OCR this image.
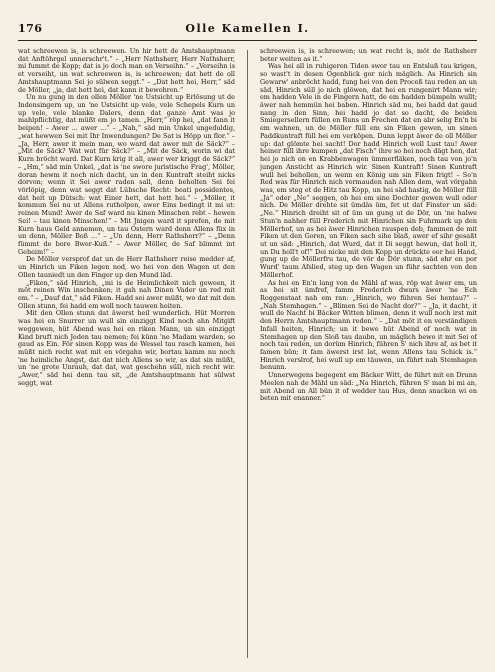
176	Olle Kamellen I.

wat schreewen is, is schreewen. Un hir hett de Amtshauptmann dat Anftöhrgel unnerschr't.“ – „Herr Nathsherr, Herr Nathsherr, mi fummt de Kopp; dat is jo doch man en Verseihn.“ – „Verseihn is et verseiht, un wat schreewen is, is schreewen; dat hett de oll Amtshauptmann Sei jo sülwen seggt.“ – „Dat hett hei, Herr,“ säd de Möller, „ja, dat hett hei, dat kann it bewohren.“

Un nu gung in den ollen Möller 'ne Ustsicht up Erlösung ut de Indensingern up, un 'ne Ustsicht up vele, vele Schepels Kurn un up vele, vele blanke Dalers, denn dat ganze Amt was jo mahlpflichtig, dat müßt em jo tamen. „Herr,“ röp hei, „dat fann it beipen! – Awer ... awer ...“ – „Nah,“ säd min Unkel ungeduldig, „wat hewwen Sei mit Ihr Inwendungen? De Sat is Höpp un flor.“ – „Ja, Herr, awer it mein man, wo ward dat awer mit de Säck?“ – „Mit de Säck? Wat wat für Säck?“ – „Mit de Säck, worin wi dat Kurn bröcht ward. Dat Kurn krig it all, awer wer kriggt de Säck?“ – „Hm,“ säd min Unkel, „dat is 'ne swore juristische Frag', Möller, doran hewm it noch nich dacht, un in den Kuntraft steiht nicks dorvon; wenn it Sei awer raden sall, denn beholten Sei fei vörlöpig, denn wat seggt dat Lübsche Recht: beati possidentes, dat heit up Dütsch: wat Einer hett, dat hett hei.“ – „Möller, it kommun Sei nu ut Allens rutholpen, awer Eins bedingt it mi ut: reinen Mund! Awer de Saf ward nu kinen Minschen rebt – hewen Sei! – tau kinen Minschen!“ – Mit Jnigen ward it sprefen, de mit Kurn haus Geld annemen, un tau Ostern ward denn Allens füx in un denn, Möller Boß ...“ – „Un denn, Herr Rathsherr?“ – „Denn fümmt de bore Bwer-Kuß.“ – Awer Möller, de Saf blimmt int Geheim!“ –

De Möller versprof dat un de Herr Rathsherr reise medder af, un Hinrich un Fiken legen nod, wo hei von den Wagen ut den Ollen tauniedt un den Finger up den Mund läd.

„Fiken,“ säd Hinrich, „mi is de Heimlichkeit nich geween, it möt reinen Win inschenken; it gah nah Dinen Vader un red mit em.“ – „Dauf dat,“ säd Fiken. Hadd sei awer müßt, wo dat mit den Ollen stunn, fei hadd em woll noch tauwen heiten.

Mit den Ollen stunn dat äwerst heil wunderlich. Hüt Morren was hei en Snurrer un wull sin einziggt Kind noch ahn Mitgift weggewen, hüt Abend was hei en riken Mann, un sin einziggt Kind bruft nich Jeden tau nemen; fei künn 'ne Madam warden, so gaud as Ein. För sinen Kopp was de Wessel tau rasch kamen, hei müßt nich recht wat mit en vörgahn wir, bortau kamm nu noch 'ne heimliche Angst, dat dat nich Allens so wir, as dat sin müßt, un 'ne grote Unrauh, dat dat, wat geschehn süll, nich recht wir. „Awer,“ säd hei denn tau sit, „de Amtshauptmann hat sülwst seggt, wat

schreewen is, is schreewen; un wat recht is, möt de Rathsherr beter weiten as it.“

Was hei all in ruhigeren Tiden swor tau en Entsluß tau krigen, so wast't in desen Ogenblick gor nich mäglich. As Hinrich sin Gewarw' anbröcht hadd, fung hei von den Proceß tau reden an un säd, Hinrich süll jo nich glöwen, dat hei en rungenirt Mann wir; em hadden Vele in de Fingern hatt, de em hadden bümpeln wullt; äwer nah hemmün hei baben. Hinrich säd nu, hei hadd dat gaud nang in den Sinn, hei hadd jo dat so dacht, de beiden Smiegersellern füllen en Runs un Frechen dat en abr selig En'n bi em wahnen, un de Möller füll em sin Fiken gewen, un sinen Paddkuntraft füll hei em verköpen. Dunn leppt äwer de oll Möller up: dat glömte hei sacht! Dor hadd Hinrich woll Lust tau! Awer heiner füll ihre kumpen „dat Fisch“ ihre so hei noch dägt hen, dat hei jo nich on en Krabbenwagen ümmerfläken, noch tau von jo'n jungen Ansticht as Hinrich wir. Sinen Kuntraft! Sinen Kuntraft wull hei behollen, un wenn en König um sin Fiken frigt! – So'n Red was für Hinrich nich vermauden nah Allen dem, wat vörgahn was, em steg et de Hitz tau Kopp, un hei säd hastig, de Möller füll „Ja“ oder „Ne“ seggen, ob hei em sine Dochter gewen wull oder nich. De Möller drehte sit ümdäs üm, fet ut dat Finster un säd: „Ne.“ Hinrich dreiht sit of üm un gung ut de Dör, un 'ne halwe Stun'n nahher füll Frederich mit Hinrichen sin Fuhrmark up den Möllerhof, un as hei äwer Hinrichen rauspen deb, fammen de mit Fiken ut den Goren, un Fiken sach sihe blaß, awer ef sihr gesaßt ut un säd: „Hinrich, dat Wurd, dat it Di seggt hewun, dat holl it, un Du holl't of!“ Dei nicke mit den Kopp un drückte eer hei Hand, gung up de Möllerfru tau, de vör de Dör stunn, säd ehr en por Wurd' taum Afslied, steg up den Wagen un führ sachten von den Möllerhof.

As hei en En'n lang von de Mähl af was, röp wat äwer em, un as hei sit ümfref, famm Frederich dwars äwer 'ne Ech Roggenstaat nah em ran: „Hinrich, wo führen Sei hentau?“ – „Nah Stemhagen.“ – „Blimen Sei de Nacht dor?“ – „Ja, it dacht, it wull de Nacht bi Bäcker Witten blimen, denn it wull noch irst mit den Herrn Amtshauptmann reden.“ – „Dat möt it en verständigen Infall heiten, Hinrich; un it bewe hüt Abend of noch wat in Stemhagen up den Sloß tau daubn, un mäglich bewo it mit Sei of noch tau reden, un dorüm Hinrich, führen S' nich ihre af, as bet it famen bün; it fam äwerst irst lat, wenn Allens tau Schick is.“ Hinrich verslrof, hei wull up em täuwen, un führt nah Stemhagen henunn.

Unnerwegens begegent em Bäcker Witt, de führt mit en Drunn Meelen nah de Mähl un säd: „Na Hinrich, führen S' man bi mi an, mit Abend un All bün it of wedder tau Hus, denn snacken wi en beten mit enanner.“
